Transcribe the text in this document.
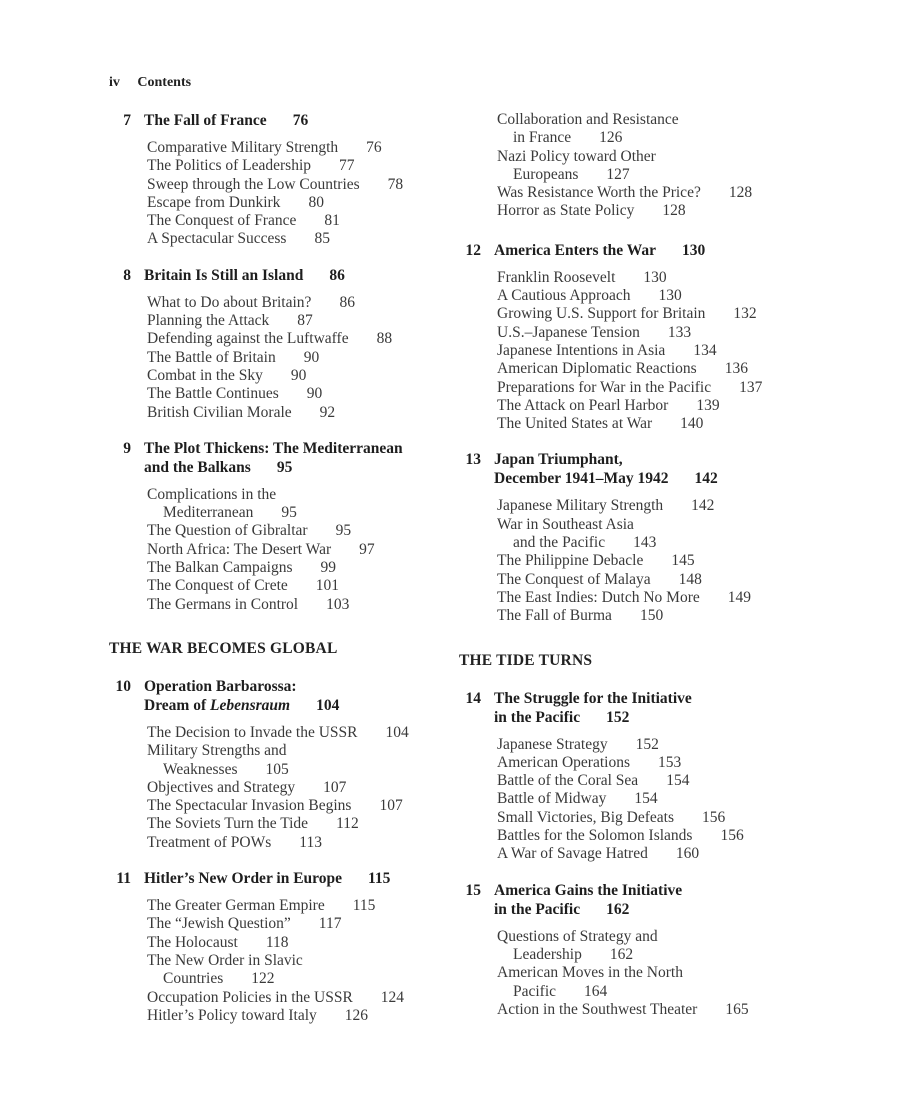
iv Contents
7 The Fall of France 76
Comparative Military Strength 76
The Politics of Leadership 77
Sweep through the Low Countries 78
Escape from Dunkirk 80
The Conquest of France 81
A Spectacular Success 85
8 Britain Is Still an Island 86
What to Do about Britain? 86
Planning the Attack 87
Defending against the Luftwaffe 88
The Battle of Britain 90
Combat in the Sky 90
The Battle Continues 90
British Civilian Morale 92
9 The Plot Thickens: The Mediterranean
and the Balkans 95
Complications in the

Mediterranean 95
The Question of Gibraltar 95
North Africa: The Desert War 97
The Balkan Campaigns 99
The Conquest of Crete 101
The Germans in Control 103
THE WAR BECOMES GLOBAL
10 Operation Barbarossa:
Dream of Lebensraum 104
The Decision to Invade the USSR 104
Military Strengths and

Weaknesses 105
Objectives and Strategy 107
The Spectacular Invasion Begins 107
The Soviets Turn the Tide 112
Treatment of POWs 113
11 Hitler’s New Order in Europe 115
The Greater German Empire 115
The “Jewish Question” 117
The Holocaust 118
The New Order in Slavic

Countries 122
Occupation Policies in the USSR 124
Hitler’s Policy toward Italy 126
Collaboration and Resistance

in France 126
Nazi Policy toward Other

Europeans 127
Was Resistance Worth the Price? 128
Horror as State Policy 128
12 America Enters the War 130
Franklin Roosevelt 130
A Cautious Approach 130
Growing U.S. Support for Britain 132
U.S.–Japanese Tension 133
Japanese Intentions in Asia 134
American Diplomatic Reactions 136
Preparations for War in the Pacific 137
The Attack on Pearl Harbor 139
The United States at War 140
13 Japan Triumphant,
December 1941–May 1942 142
Japanese Military Strength 142
War in Southeast Asia

and the Pacific 143
The Philippine Debacle 145
The Conquest of Malaya 148
The East Indies: Dutch No More 149
The Fall of Burma 150
THE TIDE TURNS
14 The Struggle for the Initiative
in the Pacific 152
Japanese Strategy 152
American Operations 153
Battle of the Coral Sea 154
Battle of Midway 154
Small Victories, Big Defeats 156
Battles for the Solomon Islands 156
A War of Savage Hatred 160
15 America Gains the Initiative
in the Pacific 162
Questions of Strategy and

Leadership 162
American Moves in the North

Pacific 164
Action in the Southwest Theater 165
